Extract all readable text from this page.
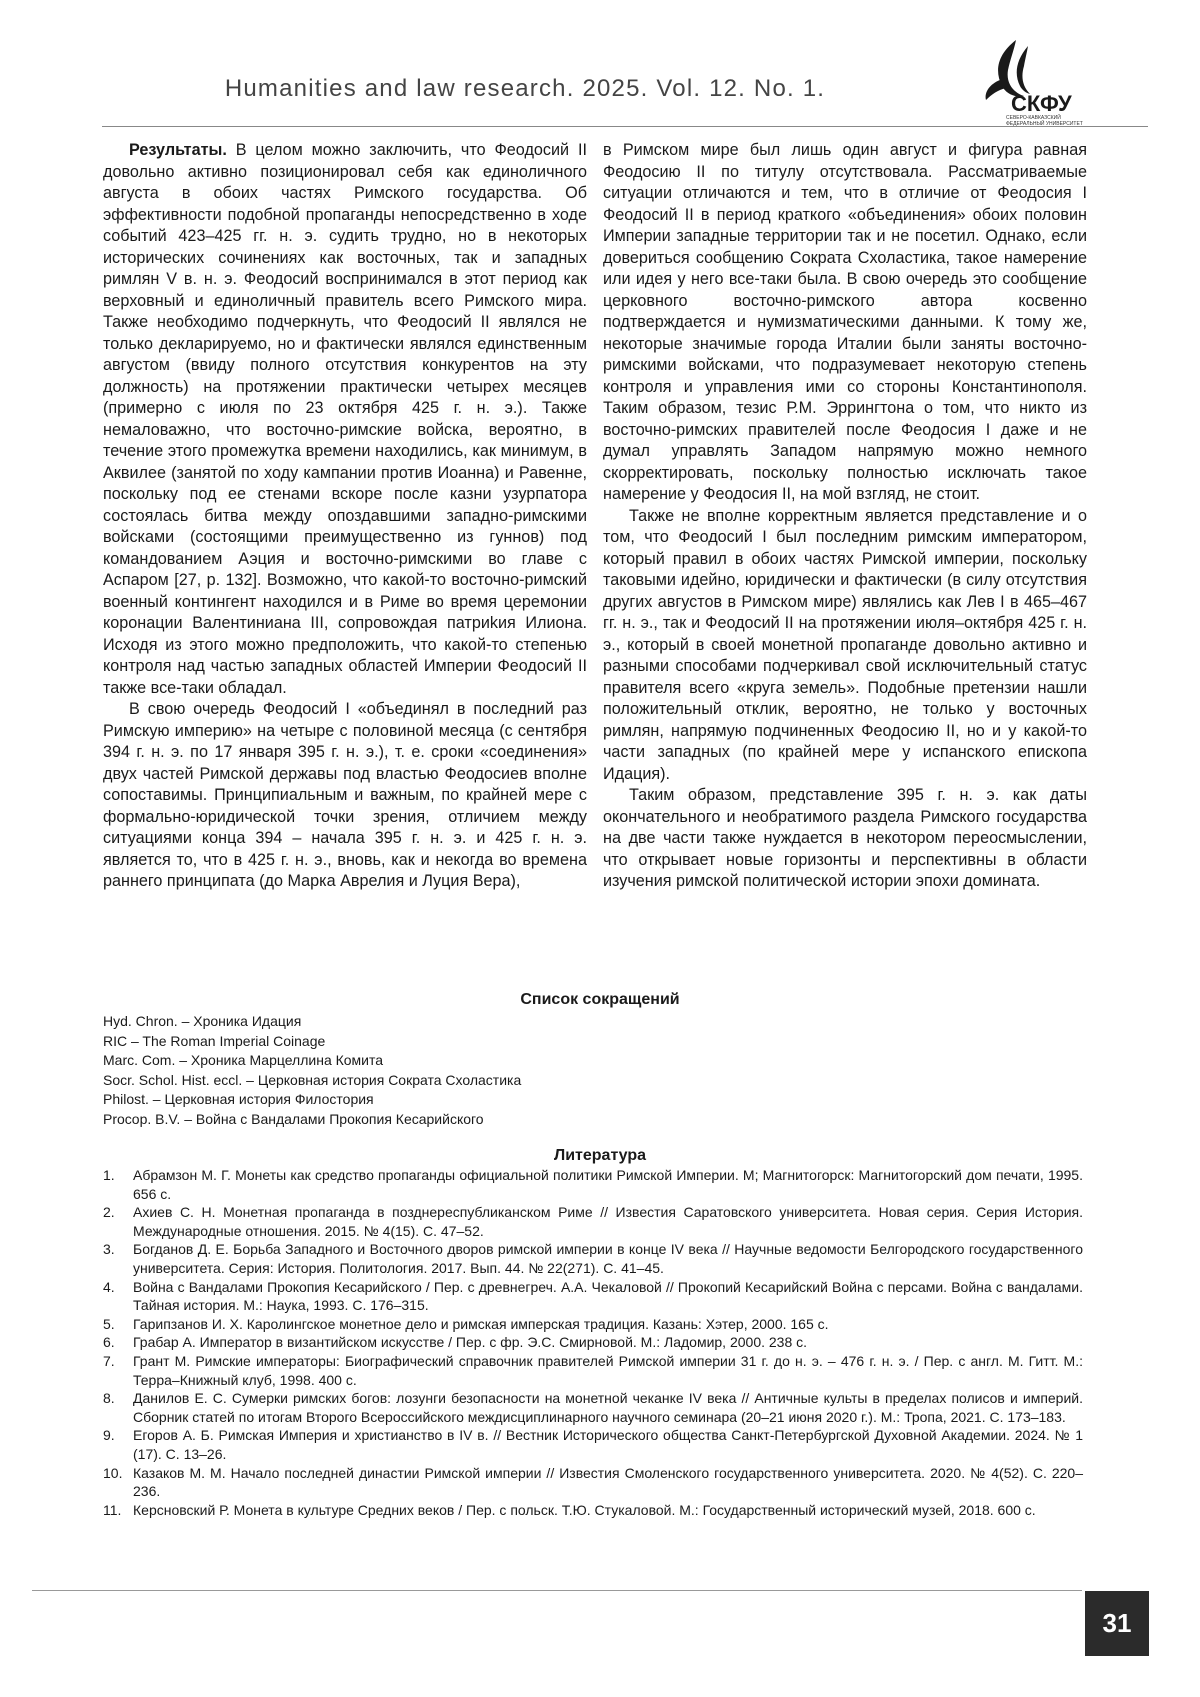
Humanities and law research. 2025. Vol. 12. No. 1.
СКФУ
СЕВЕРО-КАВКАЗСКИЙ
ФЕДЕРАЛЬНЫЙ УНИВЕРСИТЕТ

Результаты. В целом можно заключить, что Феодосий II довольно активно позиционировал себя как единоличного августа в обоих частях Римского государства. Об эффективности подобной пропаганды непосредственно в ходе событий 423–425 гг. н. э. судить трудно, но в некоторых исторических сочинениях как восточных, так и западных римлян V в. н. э. Феодосий воспринимался в этот период как верховный и единоличный правитель всего Римского мира. Также необходимо подчеркнуть, что Феодосий II являлся не только декларируемо, но и фактически являлся единственным августом (ввиду полного отсутствия конкурентов на эту должность) на протяжении практически четырех месяцев (примерно с июля по 23 октября 425 г. н. э.). Также немаловажно, что восточно-римские войска, вероятно, в течение этого промежутка времени находились, как минимум, в Аквилее (занятой по ходу кампании против Иоанна) и Равенне, поскольку под ее стенами вскоре после казни узурпатора состоялась битва между опоздавшими западно-римскими войсками (состоящими преимущественно из гуннов) под командованием Аэция и восточно-римскими во главе с Аспаром [27, р. 132]. Возможно, что какой-то восточно-римский военный контингент находился и в Риме во время церемонии коронации Валентиниана III, сопровождая патриkия Илиона. Исходя из этого можно предположить, что какой-то степенью контроля над частью западных областей Империи Феодосий II также все-таки обладал.

В свою очередь Феодосий I «объединял в последний раз Римскую империю» на четыре с половиной месяца (с сентября 394 г. н. э. по 17 января 395 г. н. э.), т. е. сроки «соединения» двух частей Римской державы под властью Феодосиев вполне сопоставимы. Принципиальным и важным, по крайней мере с формально-юридической точки зрения, отличием между ситуациями конца 394 – начала 395 г. н. э. и 425 г. н. э. является то, что в 425 г. н. э., вновь, как и некогда во времена раннего принципата (до Марка Аврелия и Луция Вера),

в Римском мире был лишь один август и фигура равная Феодосию II по титулу отсутствовала. Рассматриваемые ситуации отличаются и тем, что в отличие от Феодосия I Феодосий II в период краткого «объединения» обоих половин Империи западные территории так и не посетил. Однако, если довериться сообщению Сократа Схоластика, такое намерение или идея у него все-таки была. В свою очередь это сообщение церковного восточно-римского автора косвенно подтверждается и нумизматическими данными. К тому же, некоторые значимые города Италии были заняты восточно-римскими войсками, что подразумевает некоторую степень контроля и управления ими со стороны Константинополя. Таким образом, тезис Р.М. Эррингтона о том, что никто из восточно-римских правителей после Феодосия I даже и не думал управлять Западом напрямую можно немного скорректировать, поскольку полностью исключать такое намерение у Феодосия II, на мой взгляд, не стоит.

Также не вполне корректным является представление и о том, что Феодосий I был последним римским императором, который правил в обоих частях Римской империи, поскольку таковыми идейно, юридически и фактически (в силу отсутствия других августов в Римском мире) являлись как Лев I в 465–467 гг. н. э., так и Феодосий II на протяжении июля–октября 425 г. н. э., который в своей монетной пропаганде довольно активно и разными способами подчеркивал свой исключительный статус правителя всего «круга земель». Подобные претензии нашли положительный отклик, вероятно, не только у восточных римлян, напрямую подчиненных Феодосию II, но и у какой-то части западных (по крайней мере у испанского епископа Идация).

Таким образом, представление 395 г. н. э. как даты окончательного и необратимого раздела Римского государства на две части также нуждается в некотором переосмыслении, что открывает новые горизонты и перспективны в области изучения римской политической истории эпохи домината.

Список сокращений
Hyd. Chron. – Хроника Идация
RIC – The Roman Imperial Coinage
Marc. Com. – Хроника Марцеллина Комита
Socr. Schol. Hist. eccl. – Церковная история Сократа Схоластика
Philost. – Церковная история Филостория
Procop. B.V. – Война с Вандалами Прокопия Кесарийского
Литература
1.	Абрамзон М. Г. Монеты как средство пропаганды официальной политики Римской Империи. М; Магнитогорск: Магнитогорский дом печати, 1995. 656 с.
2.	Ахиев С. Н. Монетная пропаганда в позднереспубликанском Риме // Известия Саратовского университета. Новая серия. Серия История. Международные отношения. 2015. № 4(15). С. 47–52.
3.	Богданов Д. Е. Борьба Западного и Восточного дворов римской империи в конце IV века // Научные ведомости Белгородского государственного университета. Серия: История. Политология. 2017. Вып. 44. № 22(271). С. 41–45.
4.	Война с Вандалами Прокопия Кесарийского / Пер. с древнегреч. А.А. Чекаловой // Прокопий Кесарийский Война с персами. Война с вандалами. Тайная история. М.: Наука, 1993. С. 176–315.
5.	Гарипзанов И. Х. Каролингское монетное дело и римская имперская традиция. Казань: Хэтер, 2000. 165 с.
6.	Грабар А. Император в византийском искусстве / Пер. с фр. Э.С. Смирновой. М.: Ладомир, 2000. 238 с.
7.	Грант М. Римские императоры: Биографический справочник правителей Римской империи 31 г. до н. э. – 476 г. н. э. / Пер. с англ. М. Гитт. М.: Терра–Книжный клуб, 1998. 400 с.
8.	Данилов Е. С. Сумерки римских богов: лозунги безопасности на монетной чеканке IV века // Античные культы в пределах полисов и империй. Сборник статей по итогам Второго Всероссийского междисциплинарного научного семинара (20–21 июня 2020 г.). М.: Тропа, 2021. С. 173–183.
9.	Егоров А. Б. Римская Империя и христианство в IV в. // Вестник Исторического общества Санкт-Петербургской Духовной Академии. 2024. № 1 (17). С. 13–26.
10. Казаков М. М. Начало последней династии Римской империи // Известия Смоленского государственного университета. 2020. № 4(52). С. 220–236.
11. Керсновский Р. Монета в культуре Средних веков / Пер. с польск. Т.Ю. Стукаловой. М.: Государственный исторический музей, 2018. 600 с.
31
